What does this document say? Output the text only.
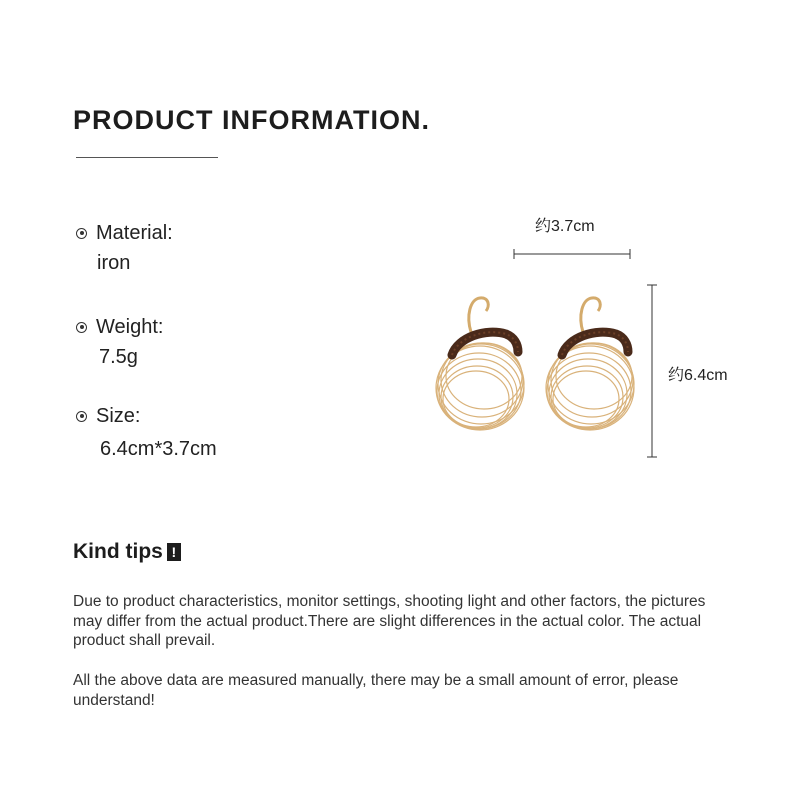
PRODUCT INFORMATION.
Material:
iron
Weight:
7.5g
Size:
6.4cm*3.7cm
约3.7cm
约6.4cm
Kind tips !

Due to product characteristics, monitor settings, shooting light and other factors, the pictures may differ from the actual product.There are slight differences in the actual color. The actual product shall prevail.

All the above data are measured manually, there may be a small amount of error, please understand!
